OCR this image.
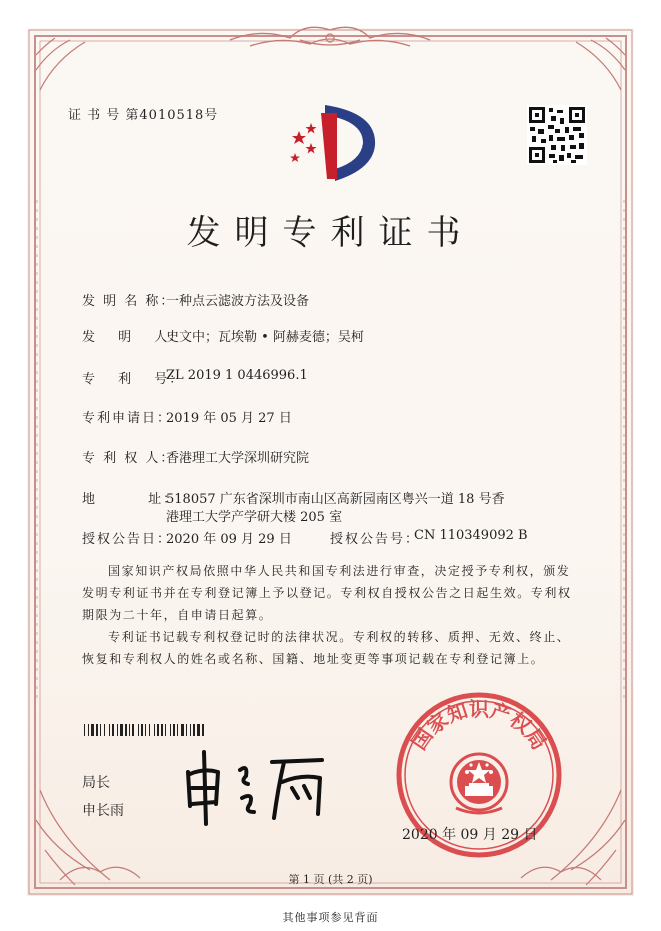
证 书 号 第4010518号
发明专利证书
发 明 名 称：
一种点云滤波方法及设备
发　 明　 人：
史文中；瓦埃勒 • 阿赫麦德；吴柯
专　 利　 号：
ZL 2019 1 0446996.1
专利申请日：
2019 年 05 月 27 日
专 利 权 人：
香港理工大学深圳研究院
地　　　 址：
518057 广东省深圳市南山区高新园南区粤兴一道 18 号香
港理工大学产学研大楼 205 室
授权公告日：
2020 年 09 月 29 日	授权公告号：
CN 110349092 B
国家知识产权局依照中华人民共和国专利法进行审查，决定授予专利权，颁发发明专利证书并在专利登记簿上予以登记。专利权自授权公告之日起生效。专利权期限为二十年，自申请日起算。
专利证书记载专利权登记时的法律状况。专利权的转移、质押、无效、终止、恢复和专利权人的姓名或名称、国籍、地址变更等事项记载在专利登记簿上。
局长
申长雨
国家知识产权局
2020 年 09 月 29 日
第 1 页 (共 2 页)
其他事项参见背面
